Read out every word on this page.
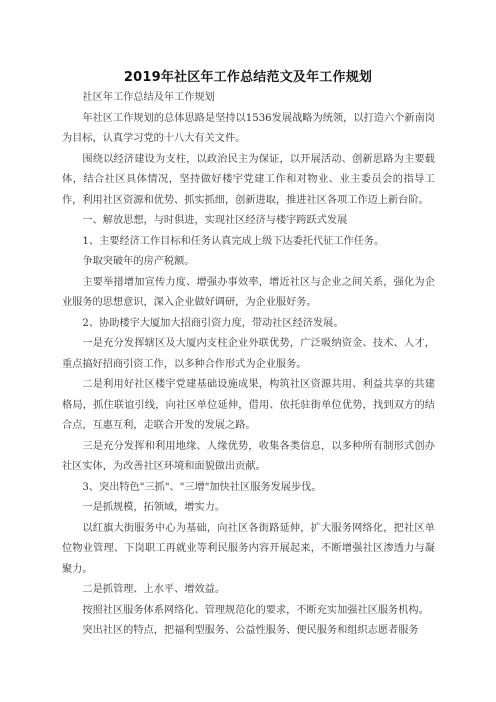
2019年社区年工作总结范文及年工作规划

社区年工作总结及年工作规划

年社区工作规划的总体思路是坚持以1536发展战略为统领，以打造六个新南岗为目标，认真学习党的十八大有关文件。

围绕以经济建设为支柱，以政治民主为保证，以开展活动、创新思路为主要载体，结合社区具体情况，坚持做好楼宇党建工作和对物业、业主委员会的指导工作，利用社区资源和优势、抓实抓细，创新进取，推进社区各项工作迈上新台阶。

一、解放思想，与时俱进，实现社区经济与楼宇跨跃式发展

1、主要经济工作目标和任务认真完成上级下达委托代征工作任务。

争取突破年的房产税额。

主要举措增加宣传力度、增强办事效率，增近社区与企业之间关系，强化为企业服务的思想意识，深入企业做好调研，为企业服好务。

2、协助楼宇大厦加大招商引资力度，带动社区经济发展。

一是充分发挥辖区及大厦内支柱企业外联优势，广泛吸纳资金、技术、人才，重点搞好招商引资工作，以多种合作形式为企业服务。

二是利用好社区楼宇党建基础设施成果，构筑社区资源共用、利益共享的共建格局，抓住联谊引线，向社区单位延伸，借用、依托驻街单位优势，找到双方的结合点，互惠互利，走联合开发的发展之路。

三是充分发挥和利用地缘、人缘优势，收集各类信息，以多种所有制形式创办社区实体，为改善社区环境和面貌做出贡献。

3、突出特色"三抓"、"三增"加快社区服务发展步伐。

一是抓规模，拓领域，增实力。

以红旗大街服务中心为基础，向社区各街路延伸，扩大服务网络化，把社区单位物业管理、下岗职工再就业等利民服务内容开展起来，不断增强社区渗透力与凝聚力。

二是抓管理、上水平、增效益。

按照社区服务体系网络化、管理规范化的要求，不断充实加强社区服务机构。

突出社区的特点，把福利型服务、公益性服务、便民服务和组织志愿者服务
